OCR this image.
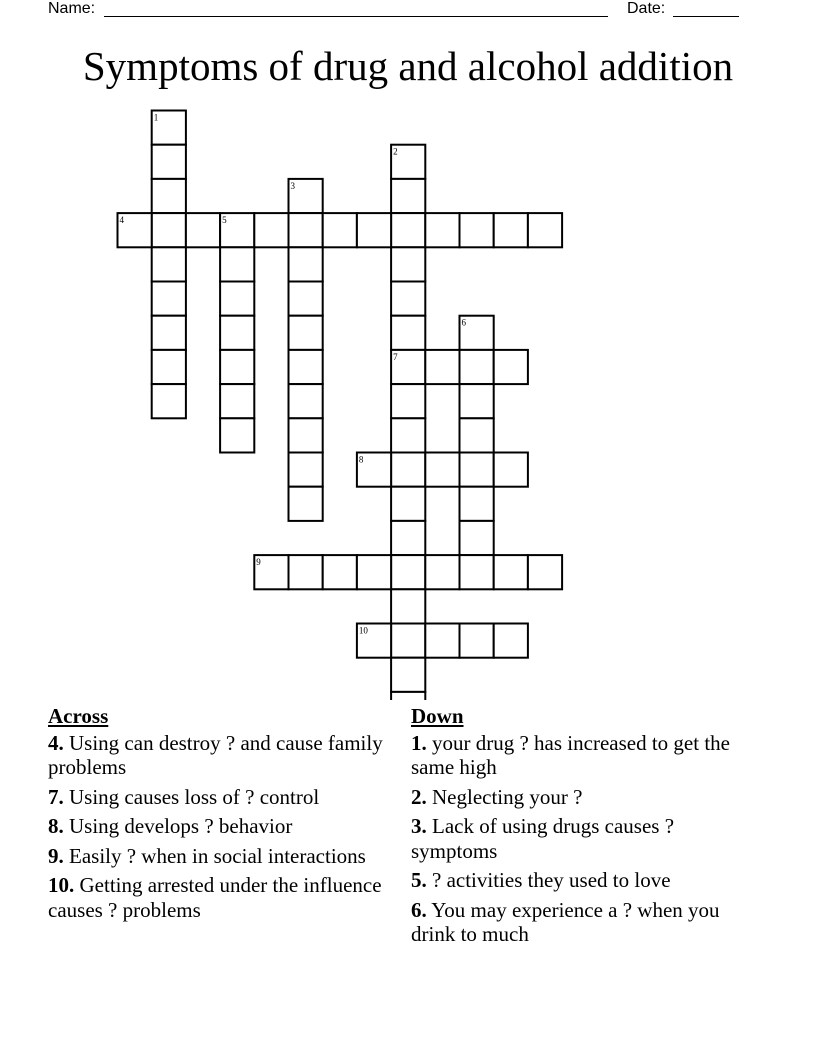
Name:	Date:
Symptoms of drug and alcohol addition
1
2
3
4	5
6
7
8
9
10
Across
4. Using can destroy ? and cause family problems
7. Using causes loss of ? control
8. Using develops ? behavior
9. Easily ? when in social interactions
10. Getting arrested under the influence causes ? problems
Down
1. your drug ? has increased to get the same high
2. Neglecting your ?
3. Lack of using drugs causes ? symptoms
5. ? activities they used to love
6. You may experience a ? when you drink to much
